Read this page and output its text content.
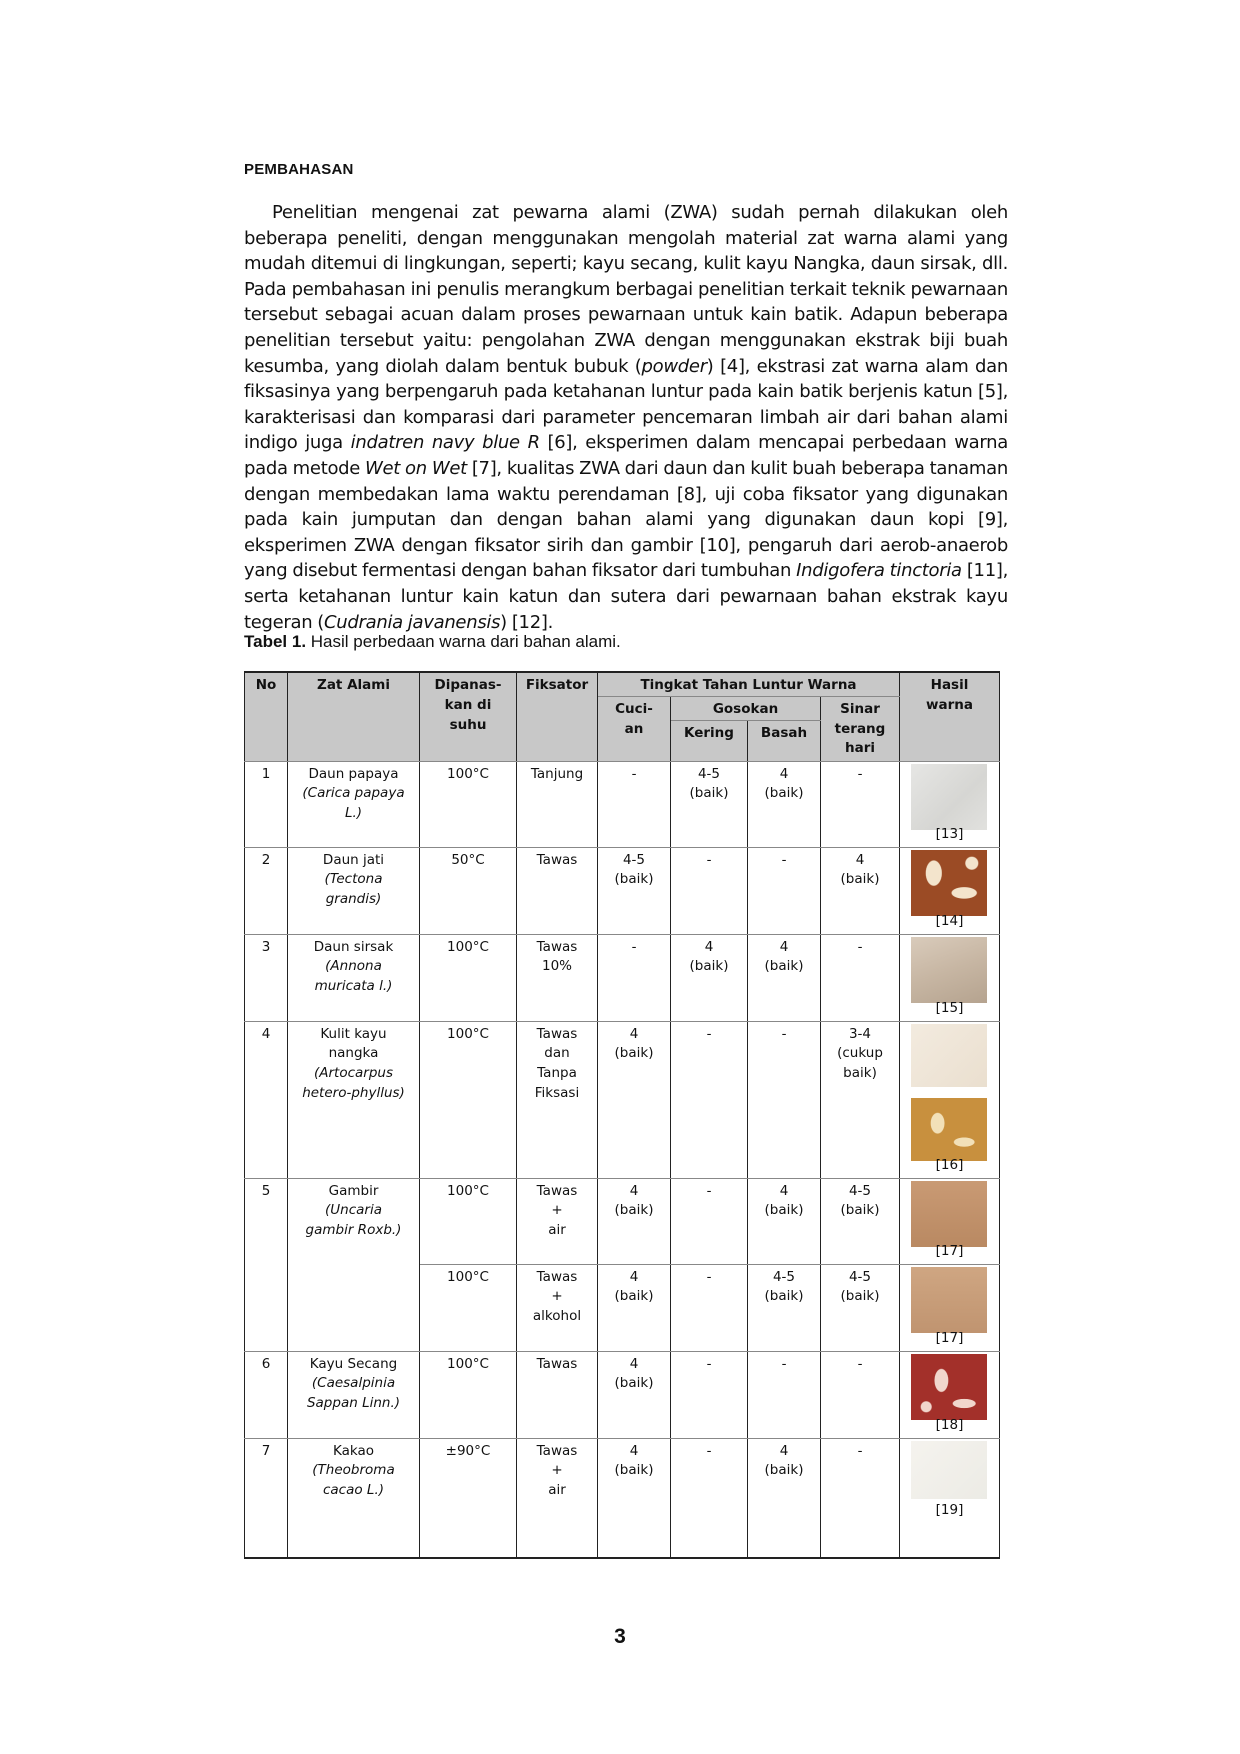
PEMBAHASAN

Penelitian mengenai zat pewarna alami (ZWA) sudah pernah dilakukan oleh beberapa peneliti, dengan menggunakan mengolah material zat warna alami yang mudah ditemui di lingkungan, seperti; kayu secang, kulit kayu Nangka, daun sirsak, dll. Pada pembahasan ini penulis merangkum berbagai penelitian terkait teknik pewarnaan tersebut sebagai acuan dalam proses pewarnaan untuk kain batik. Adapun beberapa penelitian tersebut yaitu: pengolahan ZWA dengan menggunakan ekstrak biji buah kesumba, yang diolah dalam bentuk bubuk (powder) [4], ekstrasi zat warna alam dan fiksasinya yang berpengaruh pada ketahanan luntur pada kain batik berjenis katun [5], karakterisasi dan komparasi dari parameter pencemaran limbah air dari bahan alami indigo juga indatren navy blue R [6], eksperimen dalam mencapai perbedaan warna pada metode Wet on Wet [7], kualitas ZWA dari daun dan kulit buah beberapa tanaman dengan membedakan lama waktu perendaman [8], uji coba fiksator yang digunakan pada kain jumputan dan dengan bahan alami yang digunakan daun kopi [9], eksperimen ZWA dengan fiksator sirih dan gambir [10], pengaruh dari aerob-anaerob yang disebut fermentasi dengan bahan fiksator dari tumbuhan Indigofera tinctoria [11], serta ketahanan luntur kain katun dan sutera dari pewarnaan bahan ekstrak kayu tegeran (Cudrania javanensis) [12].

Tabel 1. Hasil perbedaan warna dari bahan alami.
No	Zat Alami	Dipanas-
kan di
suhu	Fiksator	Tingkat Tahan Luntur Warna				Hasil
warna
				Cuci-
an	Gosokan		Sinar
terang
hari	
					Kering	Basah		

1	Daun papaya
(Carica papaya
L.)	100°C	Tanjung	-	4-5
(baik)	4
(baik)	-	[13]

2	Daun jati
(Tectona
grandis)	50°C	Tawas	4-5
(baik)	-	-	4
(baik)	[14]

3	Daun sirsak
(Annona
muricata l.)	100°C	Tawas
10%	-	4
(baik)	4
(baik)	-	[15]

4	Kulit kayu
nangka
(Artocarpus
hetero-phyllus)	100°C	Tawas
dan
Tanpa
Fiksasi	4
(baik)	-	-	3-4
(cukup
baik)	[16]

5	Gambir
(Uncaria
gambir Roxb.)	100°C	Tawas
+
air	4
(baik)	-	4
(baik)	4-5
(baik)	[17]

		100°C	Tawas
+
alkohol	4
(baik)	-	4-5
(baik)	4-5
(baik)	[17]

6	Kayu Secang
(Caesalpinia
Sappan Linn.)	100°C	Tawas	4
(baik)	-	-	-	[18]

7	Kakao
(Theobroma
cacao L.)	±90°C	Tawas
+
air	4
(baik)	-	4
(baik)	-	[19]
3
